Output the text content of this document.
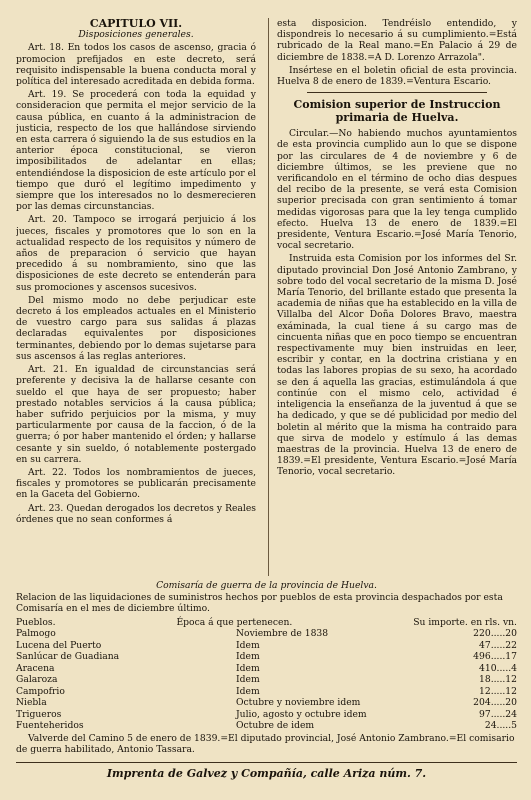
CAPITULO VII.
Disposiciones generales.

Art. 18. En todos los casos de ascenso, gracia ó promocion prefijados en este decreto, será requisito indispensable la buena conducta moral y política del interesado acreditada en debida forma.

Art. 19. Se procederá con toda la equidad y consideracion que permita el mejor servicio de la causa pública, en cuanto á la administracion de justicia, respecto de los que hallándose sirviendo en esta carrera ó siguiendo la de sus estudios en la anterior época constitucional, se vieron imposibilitados de adelantar en ellas; entendiéndose la disposicion de este artículo por el tiempo que duró el legítimo impedimento y siempre que los interesados no lo desmerecieren por las demas circunstancias.

Art. 20. Tampoco se irrogará perjuicio á los jueces, fiscales y promotores que lo son en la actualidad respecto de los requisitos y número de años de preparacion ó servicio que hayan precedido á su nombramiento, sino que las disposiciones de este decreto se entenderán para sus promociones y ascensos sucesivos.

Del mismo modo no debe perjudicar este decreto á los empleados actuales en el Ministerio de vuestro cargo para sus salidas á plazas declaradas equivalentes por disposiciones terminantes, debiendo por lo demas sujetarse para sus ascensos á las reglas anteriores.

Art. 21. En igualdad de circunstancias será preferente y decisiva la de hallarse cesante con sueldo el que haya de ser propuesto; haber prestado notables servicios á la causa pública; haber sufrido perjuicios por la misma, y muy particularmente por causa de la faccion, ó de la guerra; ó por haber mantenido el órden; y hallarse cesante y sin sueldo, ó notablemente postergado en su carrera.

Art. 22. Todos los nombramientos de jueces, fiscales y promotores se publicarán precisamente en la Gaceta del Gobierno.

Art. 23. Quedan derogados los decretos y Reales órdenes que no sean conformes á

esta disposicion. Tendréislo entendido, y dispondreis lo necesario á su cumplimiento.=Está rubricado de la Real mano.=En Palacio á 29 de diciembre de 1838.=A D. Lorenzo Arrazola".

Insértese en el boletin oficial de esta provincia. Huelva 8 de enero de 1839.=Ventura Escario.

Comision superior de Instruccion primaria de Huelva.

Circular.—No habiendo muchos ayuntamientos de esta provincia cumplido aun lo que se dispone por las circulares de 4 de noviembre y 6 de diciembre últimos, se les previene que no verificandolo en el término de ocho dias despues del recibo de la presente, se verá esta Comision superior precisada con gran sentimiento á tomar medidas vigorosas para que la ley tenga cumplido efecto. Huelva 13 de enero de 1839.=El presidente, Ventura Escario.=José María Tenorio, vocal secretario.

Instruida esta Comision por los informes del Sr. diputado provincial Don José Antonio Zambrano, y sobre todo del vocal secretario de la misma D. José María Tenorio, del brillante estado que presenta la academia de niñas que ha establecido en la villa de Villalba del Alcor Doña Dolores Bravo, maestra exáminada, la cual tiene á su cargo mas de cincuenta niñas que en poco tiempo se encuentran respectivamente muy bien instruidas en leer, escribir y contar, en la doctrina cristiana y en todas las labores propias de su sexo, ha acordado se den á aquella las gracias, estimulándola á que continúe con el mismo celo, actividad é inteligencia la enseñanza de la juventud á que se ha dedicado, y que se dé publicidad por medio del boletin al mérito que la misma ha contraido para que sirva de modelo y estímulo á las demas maestras de la provincia. Huelva 13 de enero de 1839.=El presidente, Ventura Escario.=José María Tenorio, vocal secretario.

Comisaría de guerra de la provincia de Huelva.

Relacion de las liquidaciones de suministros hechos por pueblos de esta provincia despachados por esta Comisaría en el mes de diciembre último.

Pueblos.	Época á que pertenecen.	Su importe. en rls. vn.
Palmogo	Noviembre de 1838	220.....20
Lucena del Puerto	Idem	47.....22
Sanlúcar de Guadiana	Idem	496.....17
Aracena	Idem	410.....4
Galaroza	Idem	18.....12
Campofrio	Idem	12.....12
Niebla	Octubre y noviembre idem	204.....20
Trigueros	Julio, agosto y octubre idem	97.....24
Fuenteheridos	Octubre de idem	24.....5

Valverde del Camino 5 de enero de 1839.=El diputado provincial, José Antonio Zambrano.=El comisario de guerra habilitado, Antonio Tassara.

Imprenta de Galvez y Compañía, calle Ariza núm. 7.
